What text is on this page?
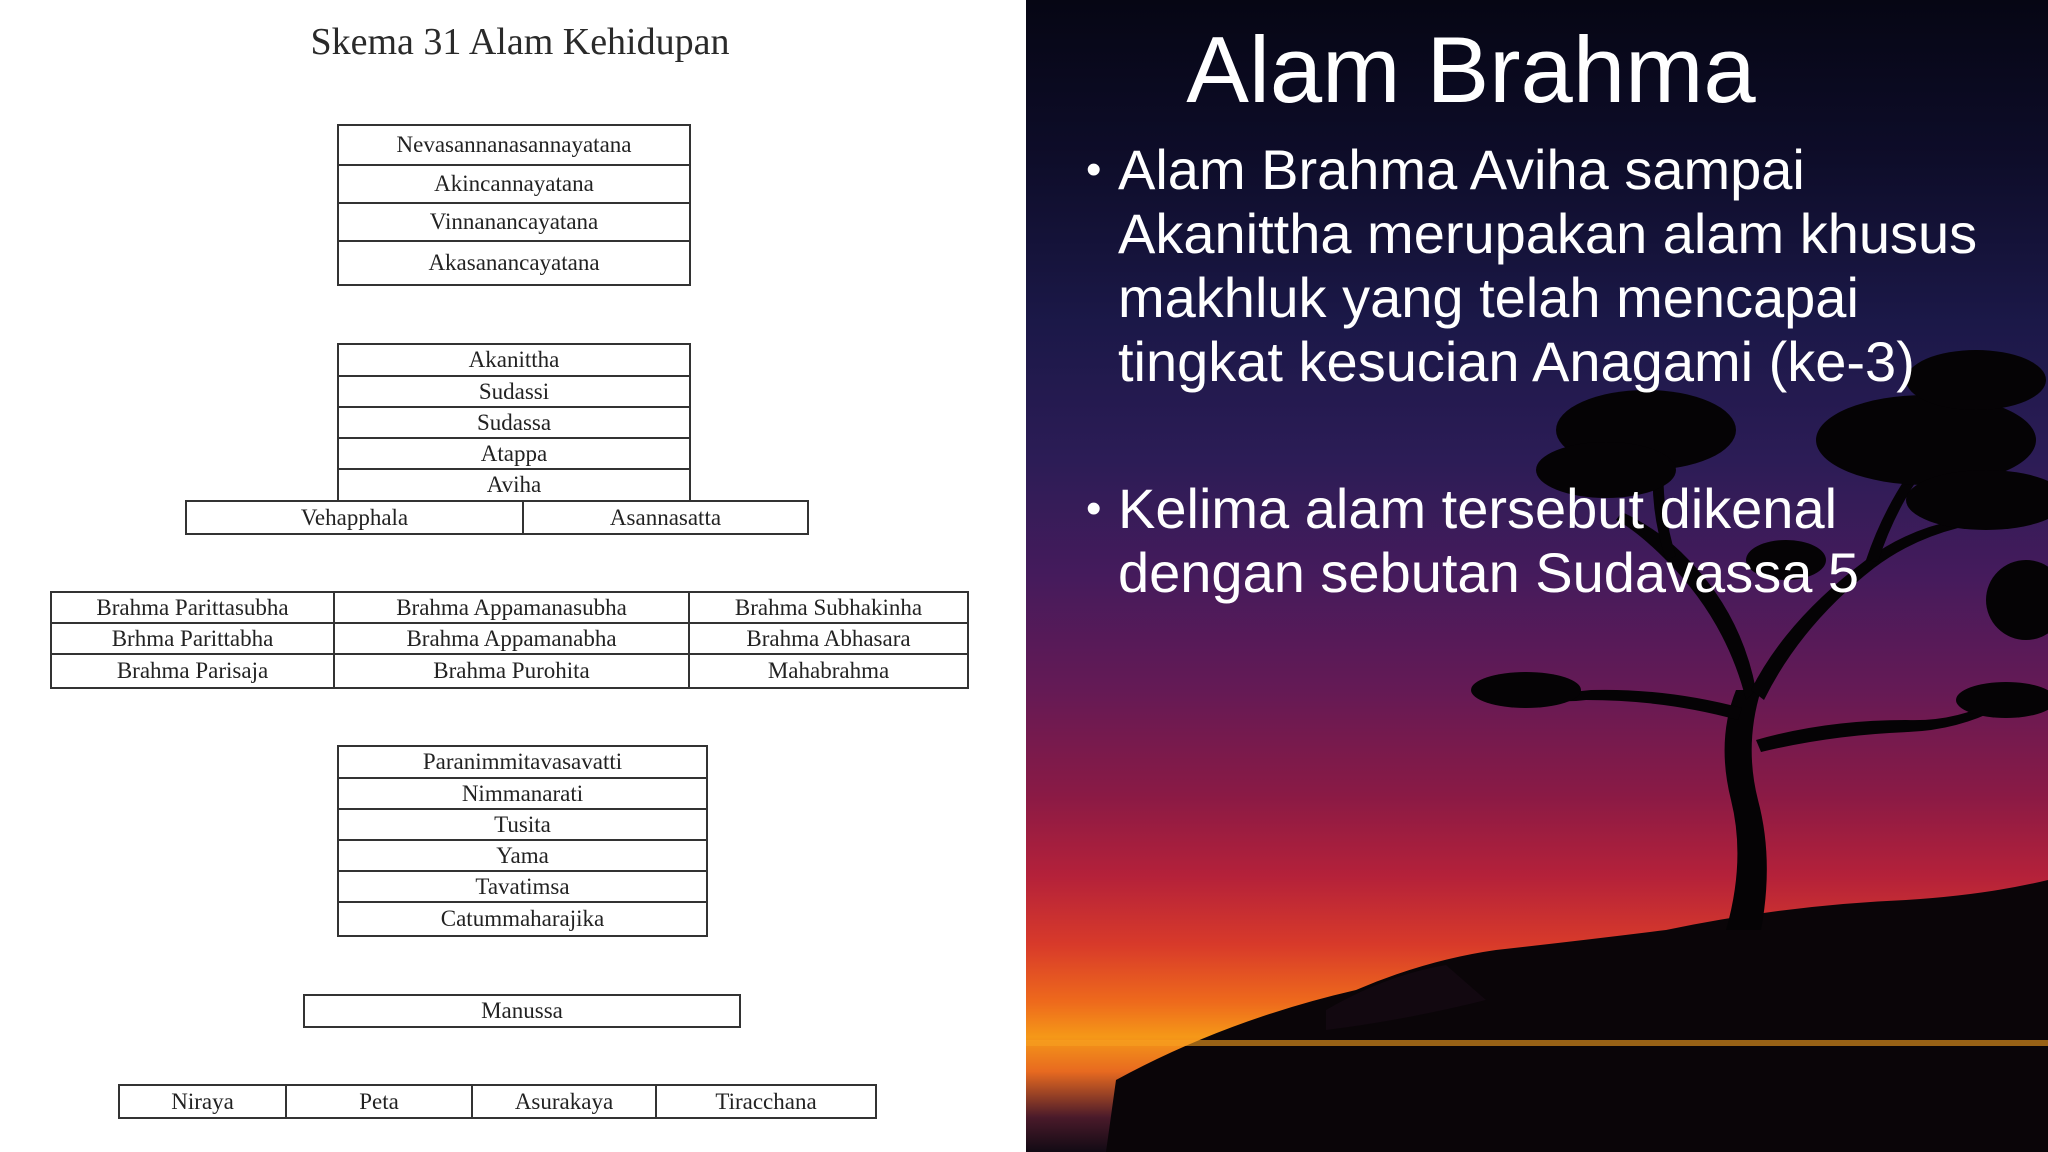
Skema 31 Alam Kehidupan
Nevasannanasannayatana
Akincannayatana
Vinnanancayatana
Akasanancayatana
Akanittha
Sudassi
Sudassa
Atappa
Aviha
Vehapphala	Asannasatta
Brahma Parittasubha	Brahma Appamanasubha	Brahma Subhakinha
Brhma Parittabha	Brahma Appamanabha	Brahma Abhasara
Brahma Parisaja	Brahma Purohita	Mahabrahma
Paranimmitavasavatti
Nimmanarati
Tusita
Yama
Tavatimsa
Catummaharajika
Manussa
Niraya	Peta	Asurakaya	Tiracchana
Alam Brahma
• Alam Brahma Aviha sampai Akanittha merupakan alam khusus makhluk yang telah mencapai tingkat kesucian Anagami (ke-3)
• Kelima alam tersebut dikenal dengan sebutan Sudavassa 5
